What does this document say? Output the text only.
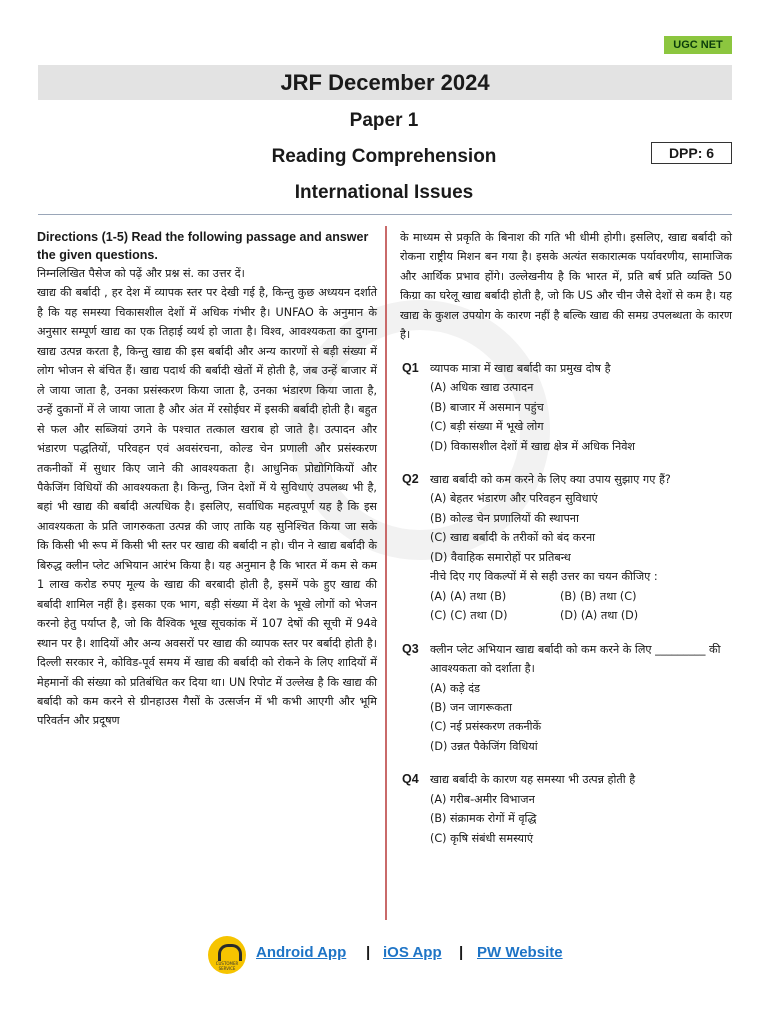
UGC NET
JRF December 2024
Paper 1
Reading Comprehension
International Issues
DPP: 6

Directions (1-5) Read the following passage and answer the given questions.

निम्नलिखित पैसेज को पढ़ें और प्रश्न सं. का उत्तर दें।

खाद्य की बर्बादी , हर देश में व्यापक स्तर पर देखी गई है, किन्तु कुछ अध्ययन दर्शाते है कि यह समस्या चिकासशील देशों में अधिक गंभीर है। UNFAO के अनुमान के अनुसार सम्पूर्ण खाद्य का एक तिहाई व्यर्थ हो जाता है। विश्व, आवश्यकता का दुगना खाद्य उत्पन्न करता है, किन्तु खाद्य की इस बर्बादी और अन्य कारणों से बड़ी संख्या में लोग भोजन से बंचित हैं। खाद्य पदार्थ की बर्बादी खेतों में होती है, जब उन्हें बाजार में ले जाया जाता है, उनका प्रसंस्करण किया जाता है, उनका भंडारण किया जाता है, उन्हें दुकानों में ले जाया जाता है और अंत में रसोईघर में इसकी बर्बादी होती है। बहुत से फल और सब्जियां उगने के पश्चात तत्काल खराब हो जाते है। उत्पादन और भंडारण पद्धतियों, परिवहन एवं अवसंरचना, कोल्ड चेन प्रणाली और प्रसंस्करण तकनीकों में सुधार किए जाने की आवश्यकता है। आधुनिक प्रोद्योगिकियों और पैकेजिंग विधियों की आवश्यकता है। किन्तु, जिन देशों में ये सुविधाएं उपलब्ध भी है, बहां भी खाद्य की बर्बादी अत्यधिक है। इसलिए, सर्वाधिक महत्वपूर्ण यह है कि इस आवश्यकता के प्रति जागरुकता उत्पन्न की जाए ताकि यह सुनिश्चित किया जा सके कि किसी भी रूप में किसी भी स्तर पर खाद्य की बर्बादी न हो। चीन ने खाद्य बर्बादी के बिरुद्ध क्लीन प्लेट अभियान आरंभ किया है। यह अनुमान है कि भारत में कम से कम 1 लाख करोड रुपए मूल्य के खाद्य की बरबादी होती है, इसमें पके हुए खाद्य की बर्बादी शामिल नहीं है। इसका एक भाग, बड़ी संख्या में देश के भूखे लोगों को भेजन करनो हेतु पर्याप्त है, जो कि वैश्विक भूख सूचकांक में 107 देषों की सूची में 94वे स्थान पर है। शादियों और अन्य अवसरों पर खाद्य की व्यापक स्तर पर बर्बादी होती है। दिल्ली सरकार ने, कोविड-पूर्व समय में खाद्य की बर्बादी को रोकने के लिए शादियों में मेहमानों की संख्या को प्रतिबंधित कर दिया था। UN रिपोट में उल्लेख है कि खाद्य की बर्बादी को कम करने से ग्रीनहाउस गैसों के उत्सर्जन में भी कभी आएगी और भूमि परिवर्तन और प्रदूषण

के माध्यम से प्रकृति के बिनाश की गति भी धीमी होगी। इसलिए, खाद्य बर्बादी को रोकना राष्ट्रीय मिशन बन गया है। इसके अत्यंत सकारात्मक पर्यावरणीय, सामाजिक और आर्थिक प्रभाव होंगे। उल्लेखनीय है कि भारत में, प्रति बर्ष प्रति व्यक्ति 50 किग्रा का घरेलू खाद्य बर्बादी होती है, जो कि US और चीन जैसे देशों से कम है। यह खाद्य के कुशल उपयोग के कारण नहीं है बल्कि खाद्य की समग्र उपलब्धता के कारण है।

Q1 व्यापक मात्रा में खाद्य बर्बादी का प्रमुख दोष है
(A) अधिक खाद्य उत्पादन
(B) बाजार में असमान पहुंच
(C) बड़ी संख्या में भूखे लोग
(D) विकासशील देशों में खाद्य क्षेत्र में अधिक निवेश
Q2 खाद्य बर्बादी को कम करने के लिए क्या उपाय सुझाए गए हैं?
(A) बेहतर भंडारण और परिवहन सुविधाएं
(B) कोल्ड चेन प्रणालियों की स्थापना
(C) खाद्य बर्बादी के तरीकों को बंद करना
(D) वैवाहिक समारोहों पर प्रतिबन्ध
नीचे दिए गए विकल्पों में से सही उत्तर का चयन कीजिए :
(A) (A) तथा (B)	(B) (B) तथा (C)
(C) (C) तथा (D)	(D) (A) तथा (D)
Q3 क्लीन प्लेट अभियान खाद्य बर्बादी को कम करने के लिए _________ की आवश्यकता को दर्शाता है।
(A) कड़े दंड
(B) जन जागरूकता
(C) नई प्रसंस्करण तकनीकें
(D) उन्नत पैकेजिंग विधियां
Q4 खाद्य बर्बादी के कारण यह समस्या भी उत्पन्न होती है
(A) गरीब-अमीर विभाजन
(B) संक्रामक रोगों में वृद्धि
(C) कृषि संबंधी समस्याएं
CUSTOMER SERVICE
Android App | iOS App | PW Website
